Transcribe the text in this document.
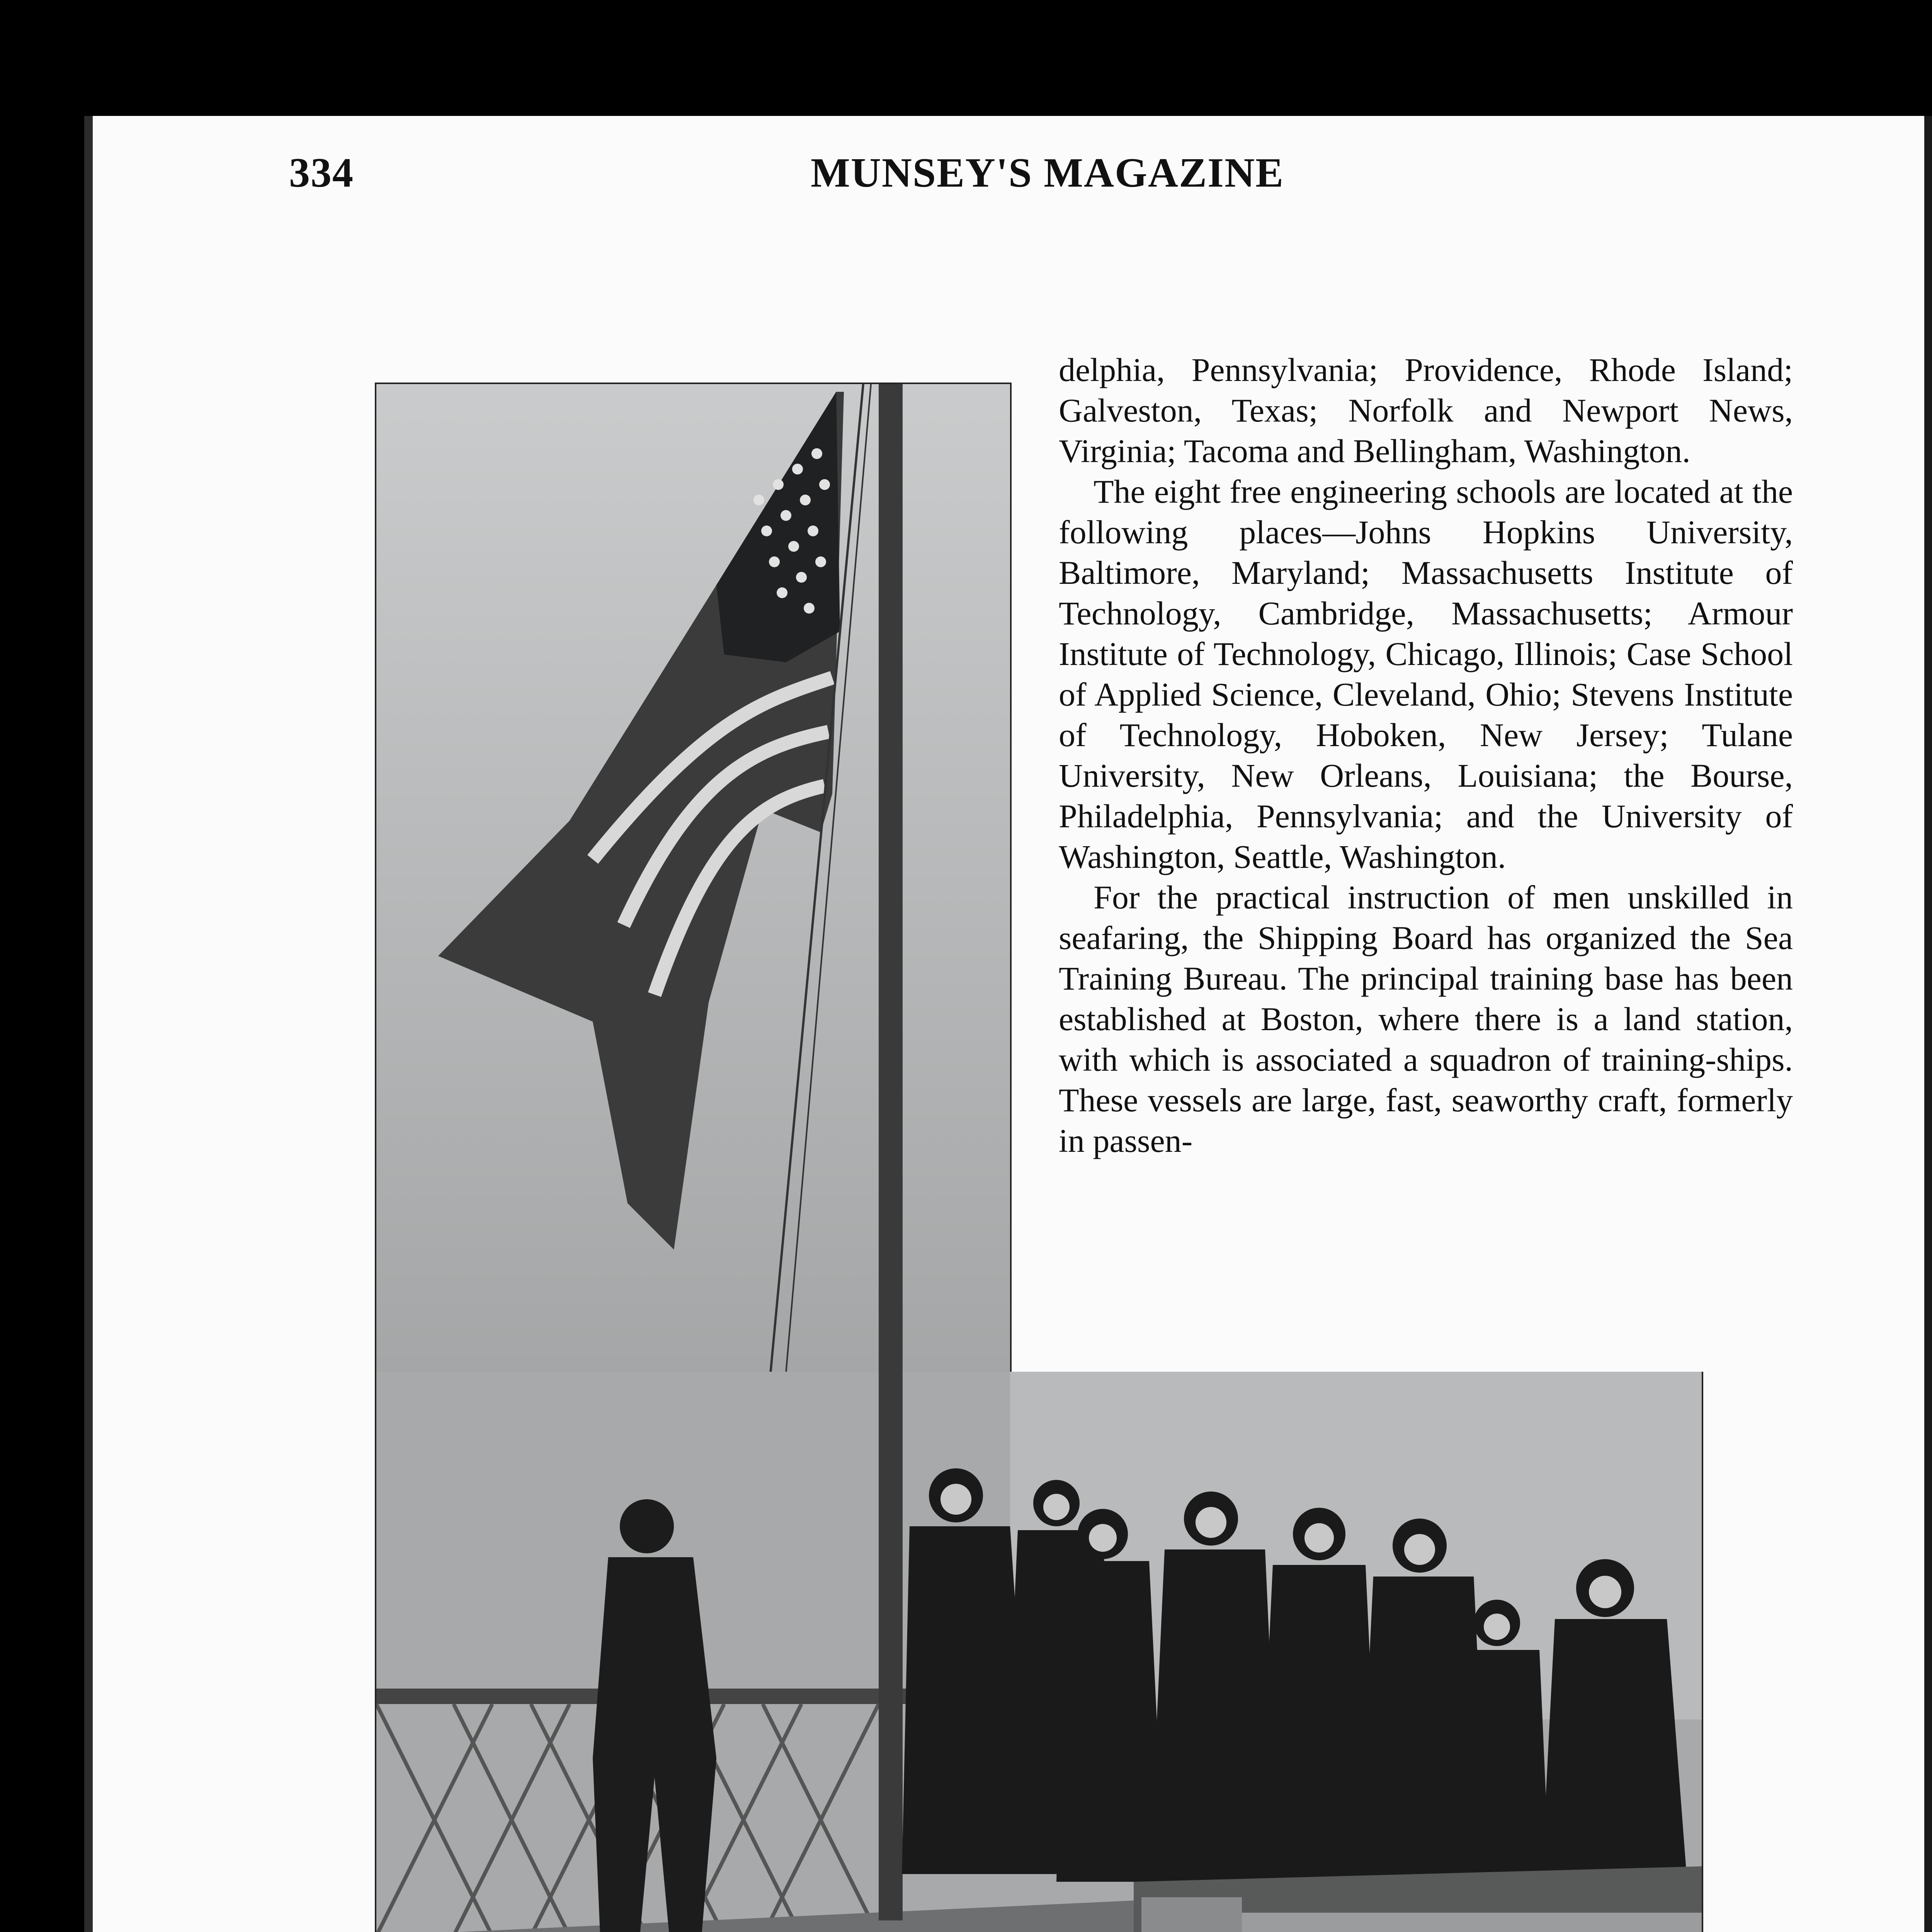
334	MUNSEY'S MAGAZINE

delphia, Pennsylvania; Providence, Rhode Island; Galveston, Texas; Norfolk and Newport News, Virginia; Tacoma and Bellingham, Washington.

The eight free engineering schools are located at the following places—Johns Hopkins University, Baltimore, Maryland; Massachusetts Institute of Technology, Cambridge, Massachusetts; Armour Institute of Technology, Chicago, Illinois; Case School of Applied Science, Cleveland, Ohio; Stevens Institute of Technology, Hoboken, New Jersey; Tulane University, New Orleans, Louisiana; the Bourse, Philadelphia, Pennsylvania; and the University of Washington, Seattle, Washington.

For the practical instruction of men unskilled in seafaring, the Shipping Board has organized the Sea Training Bureau. The principal training base has been established at Boston, where there is a land station, with which is associated a squadron of training-ships. These vessels are large, fast, seaworthy craft, formerly in passen-
